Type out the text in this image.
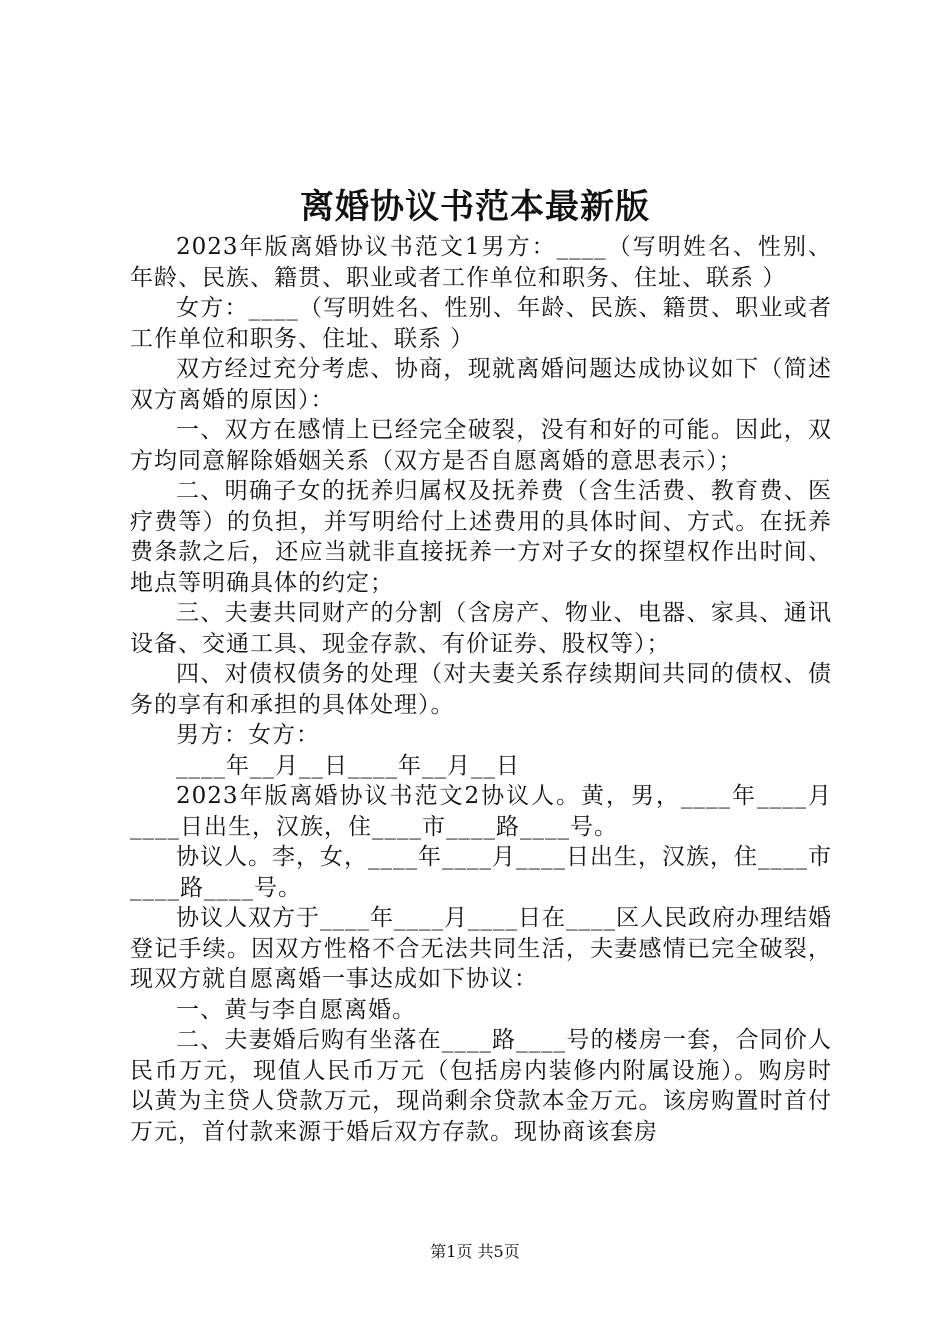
离婚协议书范本最新版

2023年版离婚协议书范文1男方：____（写明姓名、性别、年龄、民族、籍贯、职业或者工作单位和职务、住址、联系 ）

女方：____（写明姓名、性别、年龄、民族、籍贯、职业或者工作单位和职务、住址、联系 ）

双方经过充分考虑、协商，现就离婚问题达成协议如下（简述双方离婚的原因）：

一、双方在感情上已经完全破裂，没有和好的可能。因此，双方均同意解除婚姻关系（双方是否自愿离婚的意思表示）；

二、明确子女的抚养归属权及抚养费（含生活费、教育费、医疗费等）的负担，并写明给付上述费用的具体时间、方式。在抚养费条款之后，还应当就非直接抚养一方对子女的探望权作出时间、地点等明确具体的约定；

三、夫妻共同财产的分割（含房产、物业、电器、家具、通讯设备、交通工具、现金存款、有价证券、股权等）；

四、对债权债务的处理（对夫妻关系存续期间共同的债权、债务的享有和承担的具体处理）。

男方：女方：

____年__月__日____年__月__日

2023年版离婚协议书范文2协议人。黄，男，____年____月____日出生，汉族，住____市____路____号。

协议人。李，女，____年____月____日出生，汉族，住____市____路____号。

协议人双方于____年____月____日在____区人民政府办理结婚登记手续。因双方性格不合无法共同生活，夫妻感情已完全破裂，现双方就自愿离婚一事达成如下协议：

一、黄与李自愿离婚。

二、夫妻婚后购有坐落在____路____号的楼房一套，合同价人民币万元，现值人民币万元（包括房内装修内附属设施）。购房时以黄为主贷人贷款万元，现尚剩余贷款本金万元。该房购置时首付万元，首付款来源于婚后双方存款。现协商该套房

第1页 共5页
